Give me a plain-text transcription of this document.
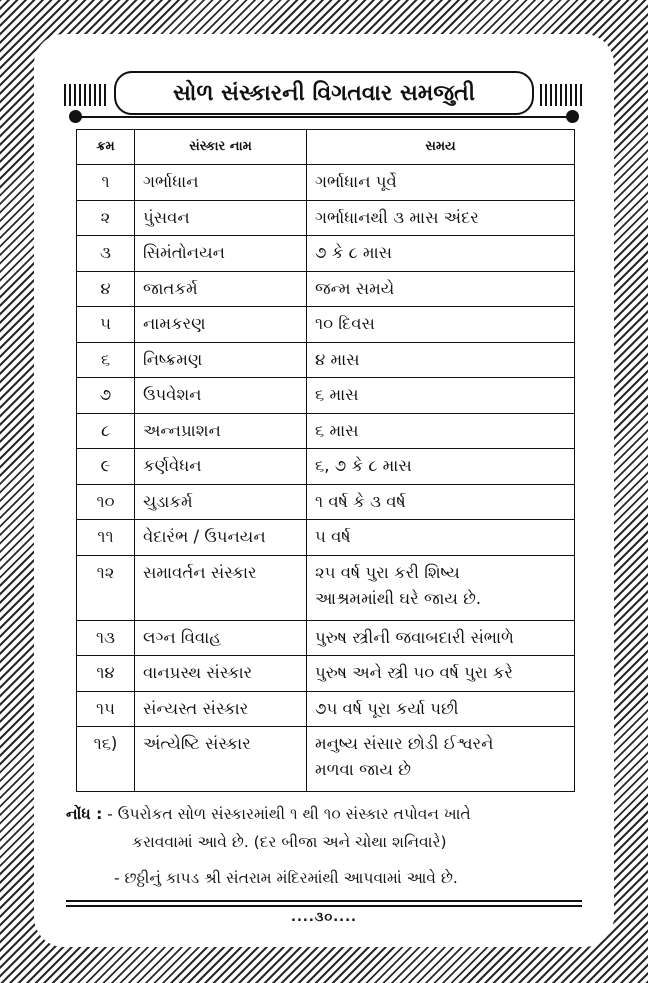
સોળ સંસ્કારની વિગતવાર સમજુતી
ક્રમ	સંસ્કાર નામ	સમય
૧	ગર્ભાધાન	ગર્ભાધાન પૂર્વે
૨	પુંસવન	ગર્ભાધાનથી ૩ માસ અંદર
૩	સિમંતોનયન	૭ કે ૮ માસ
૪	જાતકર્મ	જન્મ સમયે
૫	નામકરણ	૧૦ દિવસ
૬	નિષ્ક્રમણ	૪ માસ
૭	ઉપવેશન	૬ માસ
૮	અન્નપ્રાશન	૬ માસ
૯	કર્ણવેધન	૬, ૭ કે ૮ માસ
૧૦	ચુડાકર્મ	૧ વર્ષ કે ૩ વર્ષ
૧૧	વેદારંભ / ઉપનયન	૫ વર્ષ
૧૨	સમાવર્તન સંસ્કાર	૨૫ વર્ષ પુરા કરી શિષ્ય
આશ્રમમાંથી ઘરે જાય છે.

૧૩	લગ્ન વિવાહ	પુરુષ સ્ત્રીની જવાબદારી સંભાળે
૧૪	વાનપ્રસ્થ સંસ્કાર	પુરુષ અને સ્ત્રી ૫૦ વર્ષ પુરા કરે
૧૫	સંન્યસ્ત સંસ્કાર	૭૫ વર્ષ પૂરા કર્યા પછી
૧૬)	અંત્યેષ્ટિ સંસ્કાર	મનુષ્ય સંસાર છોડી ઈશ્વરને
મળવા જાય છે
નોંધ : - ઉપરોકત સોળ સંસ્કારમાંથી ૧ થી ૧૦ સંસ્કાર તપોવન ખાતે
કરાવવામાં આવે છે. (દર બીજા અને ચોથા શનિવારે)
- છઠ્ઠીનું કાપડ શ્રી સંતરામ મંદિરમાંથી આપવામાં આવે છે.
....૩૦....
